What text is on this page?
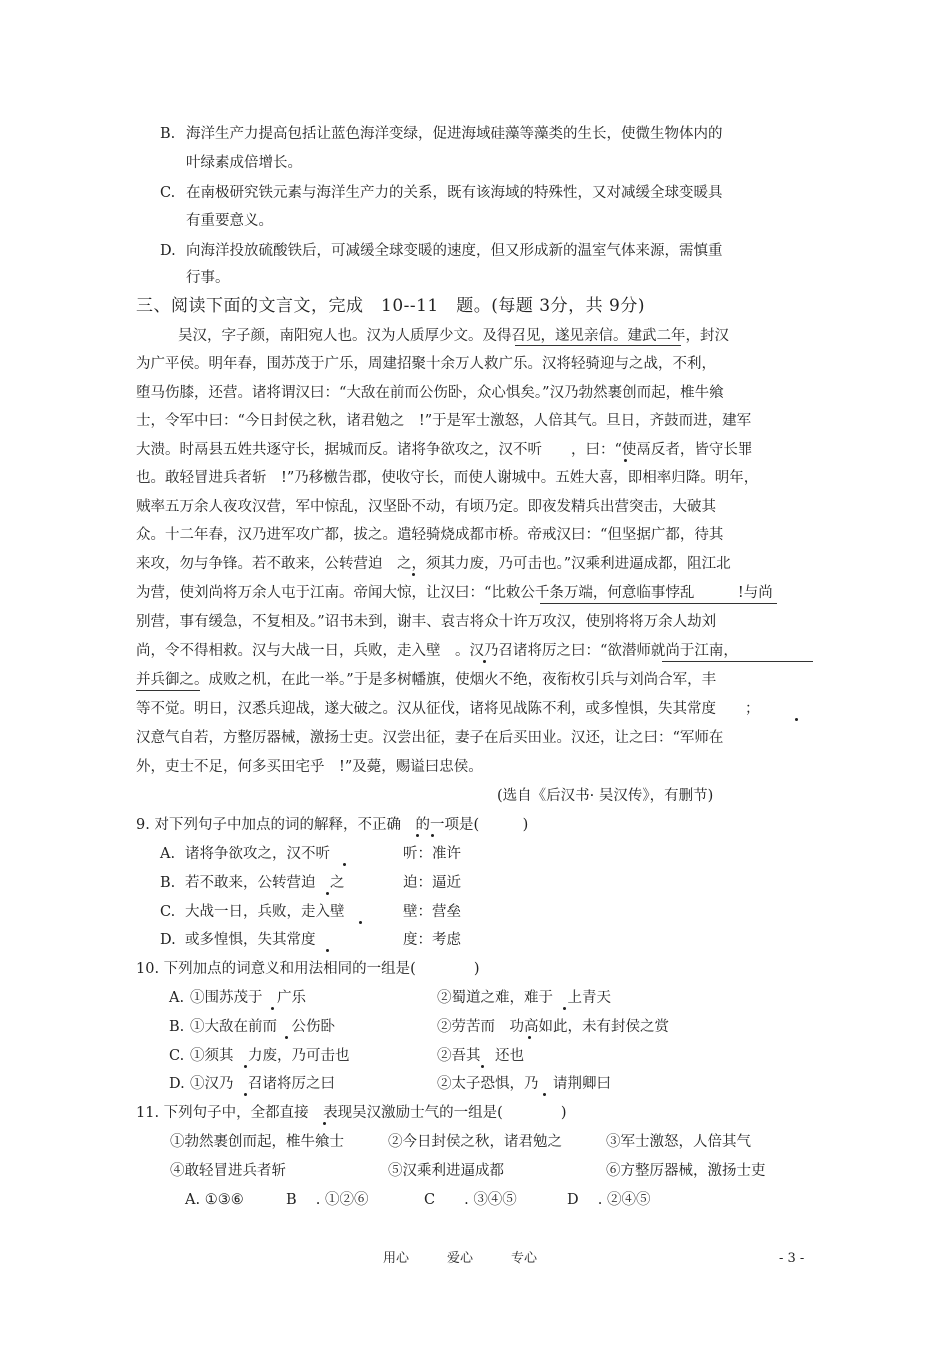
B. 海洋生产力提高包括让蓝色海洋变绿，促进海域硅藻等藻类的生长，使微生物体内的
叶绿素成倍增长。
C. 在南极研究铁元素与海洋生产力的关系，既有该海域的特殊性，又对减缓全球变暖具
有重要意义。
D. 向海洋投放硫酸铁后，可减缓全球变暖的速度，但又形成新的温室气体来源，需慎重
行事。
三、阅读下面的文言文，完成　10--11　题。(每题 3分，共 9分)
吴汉，字子颜，南阳宛人也。汉为人质厚少文。及得召见，遂见亲信。建武二年，封汉
为广平侯。明年春，围苏茂于广乐，周建招聚十余万人救广乐。汉将轻骑迎与之战，不利，
堕马伤膝，还营。诸将谓汉曰：“大敌在前而公伤卧，众心惧矣。”汉乃勃然裹创而起，椎牛飨
士，令军中曰：“今日封侯之秋，诸君勉之　!”于是军士激怒，人倍其气。旦日，齐鼓而进，建军
大溃。时鬲县五姓共逐守长，据城而反。诸将争欲攻之，汉不听　　，曰：“使鬲反者，皆守长罪
也。敢轻冒进兵者斩　!”乃移檄告郡，使收守长，而使人谢城中。五姓大喜，即相率归降。明年，
贼率五万余人夜攻汉营，军中惊乱，汉坚卧不动，有顷乃定。即夜发精兵出营突击，大破其
众。十二年春，汉乃进军攻广都，拔之。遣轻骑烧成都市桥。帝戒汉曰：“但坚据广都，待其
来攻，勿与争锋。若不敢来，公转营迫　之，须其力废，乃可击也。”汉乘利进逼成都，阻江北
为营，使刘尚将万余人屯于江南。帝闻大惊，让汉曰：“比敕公千条万端，何意临事悖乱　　　!与尚
别营，事有缓急，不复相及。”诏书未到，谢丰、袁吉将众十许万攻汉，使别将将万余人劫刘
尚，令不得相救。汉与大战一日，兵败，走入壁　。汉乃召诸将厉之曰：“欲潜师就尚于江南，
并兵御之。成败之机，在此一举。”于是多树幡旗，使烟火不绝，夜衔枚引兵与刘尚合军，丰
等不觉。明日，汉悉兵迎战，遂大破之。汉从征伐，诸将见战陈不利，或多惶惧，失其常度　　；
汉意气自若，方整厉器械，激扬士吏。汉尝出征，妻子在后买田业。汉还，让之曰：“军师在
外，吏士不足，何多买田宅乎　!”及薨，赐谥曰忠侯。
(选自《后汉书· 吴汉传》，有删节)
9. 对下列句子中加点的词的解释，不正确　的一项是(　　　)
A. 诸将争欲攻之，汉不听	听：准许
B. 若不敢来，公转营迫　之	迫：逼近
C. 大战一日，兵败，走入壁	壁：营垒
D. 或多惶惧，失其常度	度：考虑
10. 下列加点的词意义和用法相同的一组是(　　　　)
A. ①围苏茂于　广乐	②蜀道之难，难于　上青天
B. ①大敌在前而　公伤卧	②劳苦而　功高如此，未有封侯之赏
C. ①须其　力废，乃可击也	②吾其　还也
D. ①汉乃　召诸将厉之曰	②太子恐惧，乃　请荆卿曰
11. 下列句子中，全都直接　表现吴汉激励士气的一组是(　　　　)
①勃然裹创而起，椎牛飨士	②今日封侯之秋，诸君勉之	③军士激怒，人倍其气
④敢轻冒进兵者斩	⑤汉乘利进逼成都	⑥方整厉器械，激扬士吏
A. ①③⑥	B　 . ①②⑥	C　　. ③④⑤	D　 . ②④⑤
用心	爱心	专心	- 3 -
